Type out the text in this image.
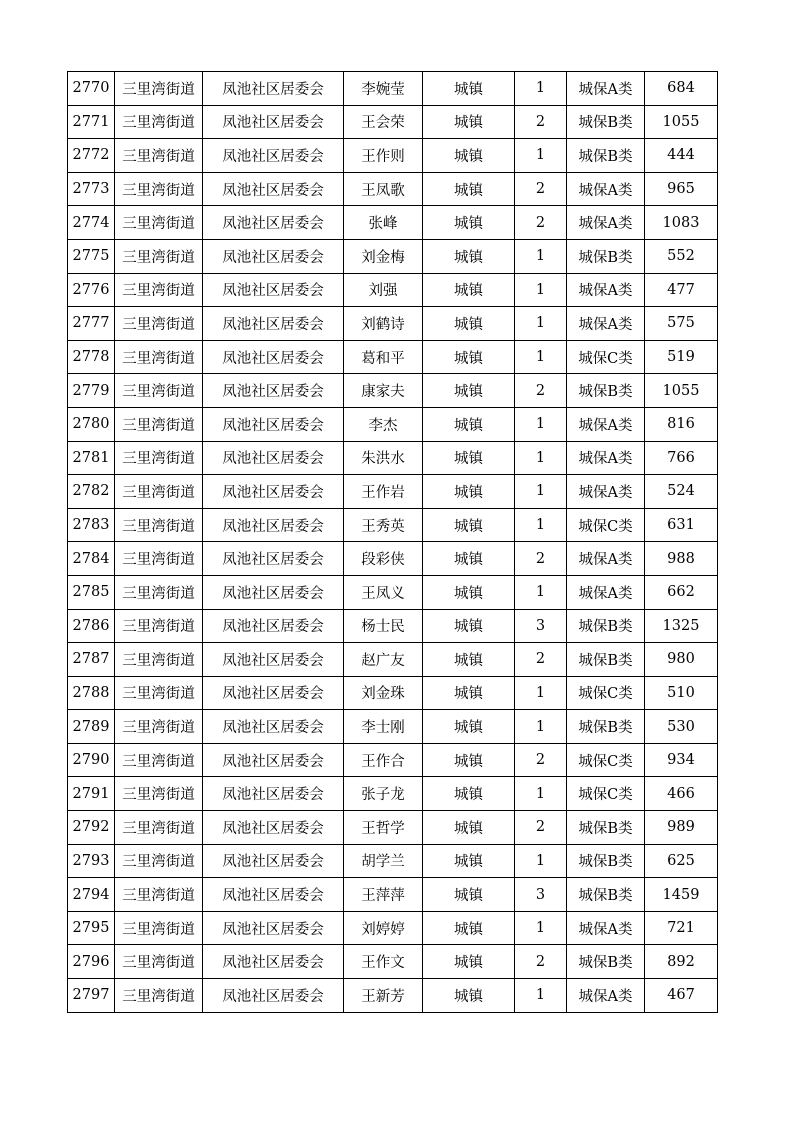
2770	三里湾街道	凤池社区居委会	李婉莹	城镇	1	城保A类	684
2771	三里湾街道	凤池社区居委会	王会荣	城镇	2	城保B类	1055
2772	三里湾街道	凤池社区居委会	王作则	城镇	1	城保B类	444
2773	三里湾街道	凤池社区居委会	王凤歌	城镇	2	城保A类	965
2774	三里湾街道	凤池社区居委会	张峰	城镇	2	城保A类	1083
2775	三里湾街道	凤池社区居委会	刘金梅	城镇	1	城保B类	552
2776	三里湾街道	凤池社区居委会	刘强	城镇	1	城保A类	477
2777	三里湾街道	凤池社区居委会	刘鹤诗	城镇	1	城保A类	575
2778	三里湾街道	凤池社区居委会	葛和平	城镇	1	城保C类	519
2779	三里湾街道	凤池社区居委会	康家夫	城镇	2	城保B类	1055
2780	三里湾街道	凤池社区居委会	李杰	城镇	1	城保A类	816
2781	三里湾街道	凤池社区居委会	朱洪水	城镇	1	城保A类	766
2782	三里湾街道	凤池社区居委会	王作岩	城镇	1	城保A类	524
2783	三里湾街道	凤池社区居委会	王秀英	城镇	1	城保C类	631
2784	三里湾街道	凤池社区居委会	段彩侠	城镇	2	城保A类	988
2785	三里湾街道	凤池社区居委会	王凤义	城镇	1	城保A类	662
2786	三里湾街道	凤池社区居委会	杨士民	城镇	3	城保B类	1325
2787	三里湾街道	凤池社区居委会	赵广友	城镇	2	城保B类	980
2788	三里湾街道	凤池社区居委会	刘金珠	城镇	1	城保C类	510
2789	三里湾街道	凤池社区居委会	李士刚	城镇	1	城保B类	530
2790	三里湾街道	凤池社区居委会	王作合	城镇	2	城保C类	934
2791	三里湾街道	凤池社区居委会	张子龙	城镇	1	城保C类	466
2792	三里湾街道	凤池社区居委会	王哲学	城镇	2	城保B类	989
2793	三里湾街道	凤池社区居委会	胡学兰	城镇	1	城保B类	625
2794	三里湾街道	凤池社区居委会	王萍萍	城镇	3	城保B类	1459
2795	三里湾街道	凤池社区居委会	刘婷婷	城镇	1	城保A类	721
2796	三里湾街道	凤池社区居委会	王作文	城镇	2	城保B类	892
2797	三里湾街道	凤池社区居委会	王新芳	城镇	1	城保A类	467
